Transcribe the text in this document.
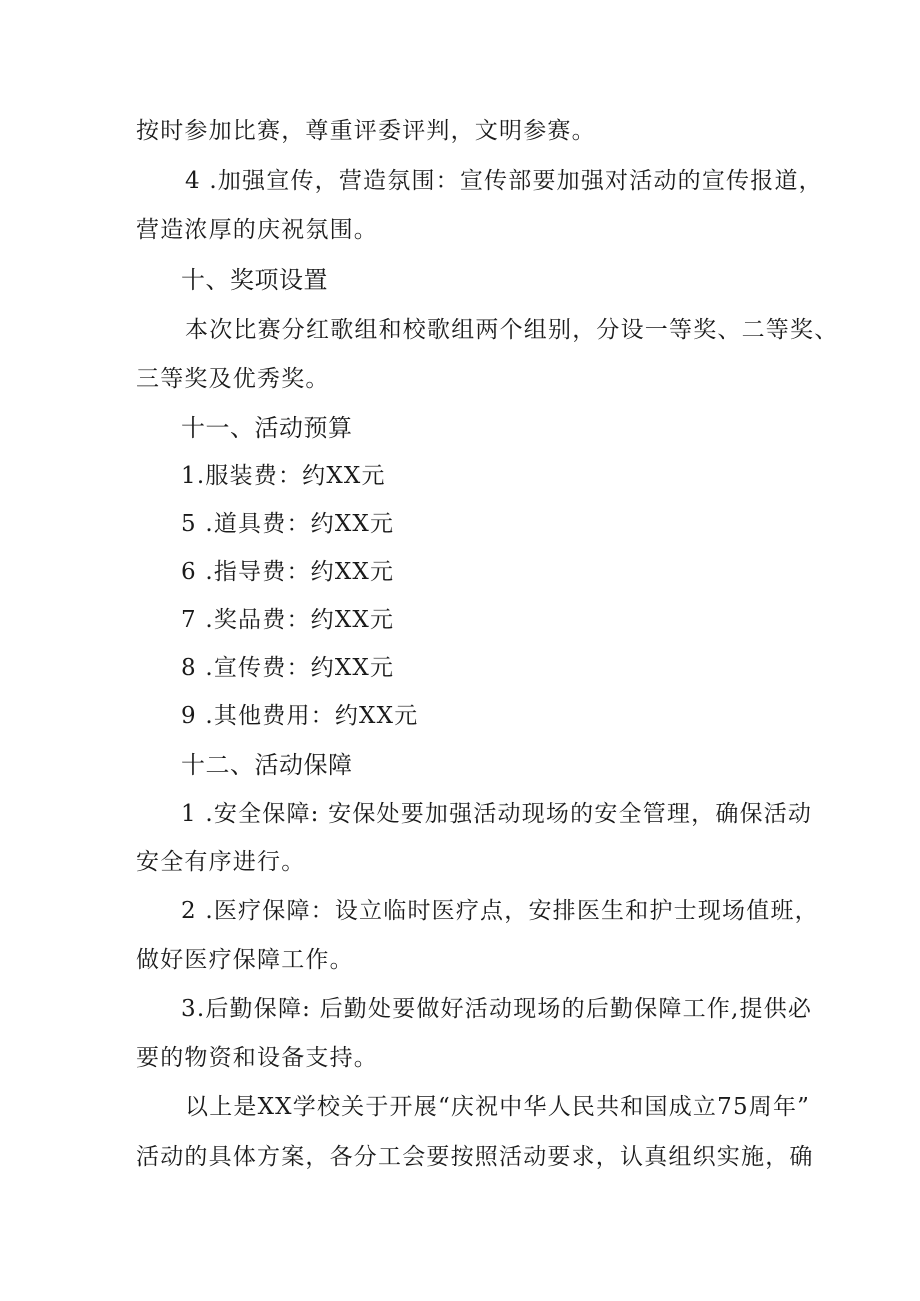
按时参加比赛，尊重评委评判，文明参赛。
4 .加强宣传，营造氛围：宣传部要加强对活动的宣传报道，
营造浓厚的庆祝氛围。
十、奖项设置
本次比赛分红歌组和校歌组两个组别，分设一等奖、二等奖、
三等奖及优秀奖。
十一、活动预算
1.服装费：约XX元
5 .道具费：约XX元
6 .指导费：约XX元
7 .奖品费：约XX元
8 .宣传费：约XX元
9 .其他费用：约XX元
十二、活动保障
1 .安全保障: 安保处要加强活动现场的安全管理，确保活动
安全有序进行。
2 .医疗保障：设立临时医疗点，安排医生和护士现场值班，
做好医疗保障工作。
3.后勤保障: 后勤处要做好活动现场的后勤保障工作,提供必
要的物资和设备支持。
以上是XX学校关于开展“庆祝中华人民共和国成立75周年”
活动的具体方案，各分工会要按照活动要求，认真组织实施，确
